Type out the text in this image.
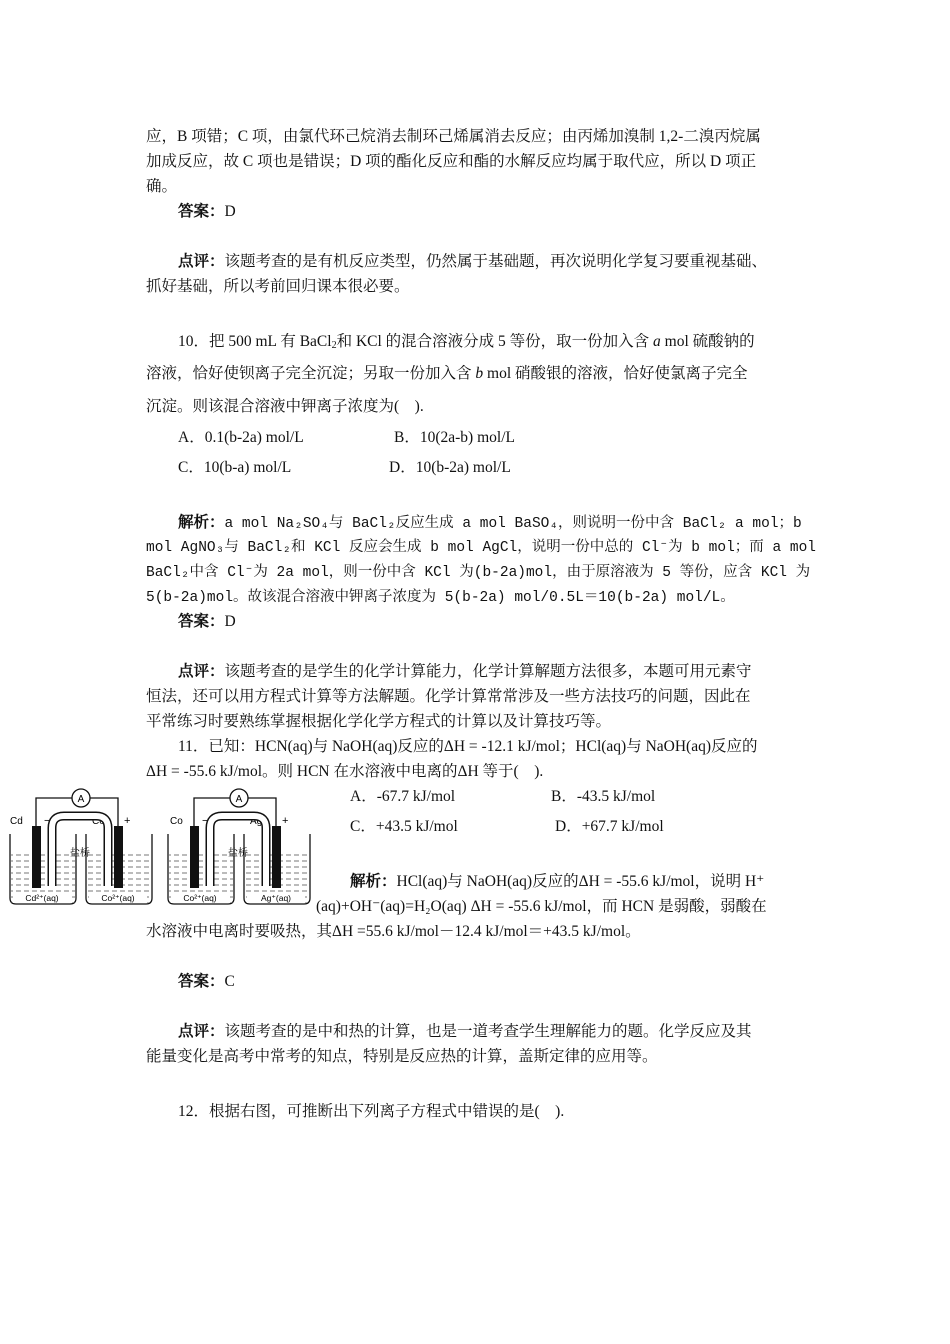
应，B 项错；C 项，由氯代环己烷消去制环己烯属消去反应；由丙烯加溴制 1,2-二溴丙烷属
加成反应，故 C 项也是错误；D 项的酯化反应和酯的水解反应均属于取代应，所以 D 项正
确。
答案：D
点评：该题考查的是有机反应类型，仍然属于基础题，再次说明化学复习要重视基础、
抓好基础，所以考前回归课本很必要。
10．把 500 mL 有 BaCl$_2$和 KCl 的混合溶液分成 5 等份，取一份加入含 a mol 硫酸钠的
溶液，恰好使钡离子完全沉淀；另取一份加入含 b mol 硝酸银的溶液，恰好使氯离子完全
沉淀。则该混合溶液中钾离子浓度为(　).
A．0.1(b-2a) mol/L	B．10(2a-b) mol/L
C．10(b-a) mol/L	D．10(b-2a) mol/L
解析：a mol Na₂SO₄与 BaCl₂反应生成 a mol BaSO₄，则说明一份中含 BaCl₂ a mol；b
mol AgNO₃与 BaCl₂和 KCl 反应会生成 b mol AgCl，说明一份中总的 Cl⁻为 b mol；而 a mol
BaCl₂中含 Cl⁻为 2a mol，则一份中含 KCl 为(b-2a)mol，由于原溶液为 5 等份，应含 KCl 为
5(b-2a)mol。故该混合溶液中钾离子浓度为 5(b-2a) mol/0.5L＝10(b-2a) mol/L。
答案：D
点评：该题考查的是学生的化学计算能力，化学计算解题方法很多，本题可用元素守
恒法，还可以用方程式计算等方法解题。化学计算常常涉及一些方法技巧的问题，因此在
平常练习时要熟练掌握根据化学化学方程式的计算以及计算技巧等。
11．已知：HCN(aq)与 NaOH(aq)反应的ΔH = -12.1 kJ/mol；HCl(aq)与 NaOH(aq)反应的
ΔH = -55.6 kJ/mol。则 HCN 在水溶液中电离的ΔH 等于(　).
A．-67.7 kJ/mol	B．-43.5 kJ/mol
C．+43.5 kJ/mol	D．+67.7 kJ/mol
解析：HCl(aq)与 NaOH(aq)反应的ΔH = -55.6 kJ/mol，说明 H⁺
(aq)+OH⁻(aq)=H₂O(aq) ΔH = -55.6 kJ/mol，而 HCN 是弱酸，弱酸在
水溶液中电离时要吸热，其ΔH =55.6 kJ/mol－12.4 kJ/mol＝+43.5 kJ/mol。
答案：C
点评：该题考查的是中和热的计算，也是一道考查学生理解能力的题。化学反应及其
能量变化是高考中常考的知点，特别是反应热的计算，盖斯定律的应用等。
12．根据右图，可推断出下列离子方程式中错误的是(　).
A
Cd −	Co +
盐桥
Cd²⁺(aq)	Co²⁺(aq)
A
Co −	Ag +
盐桥
Co²⁺(aq)	Ag⁺(aq)
